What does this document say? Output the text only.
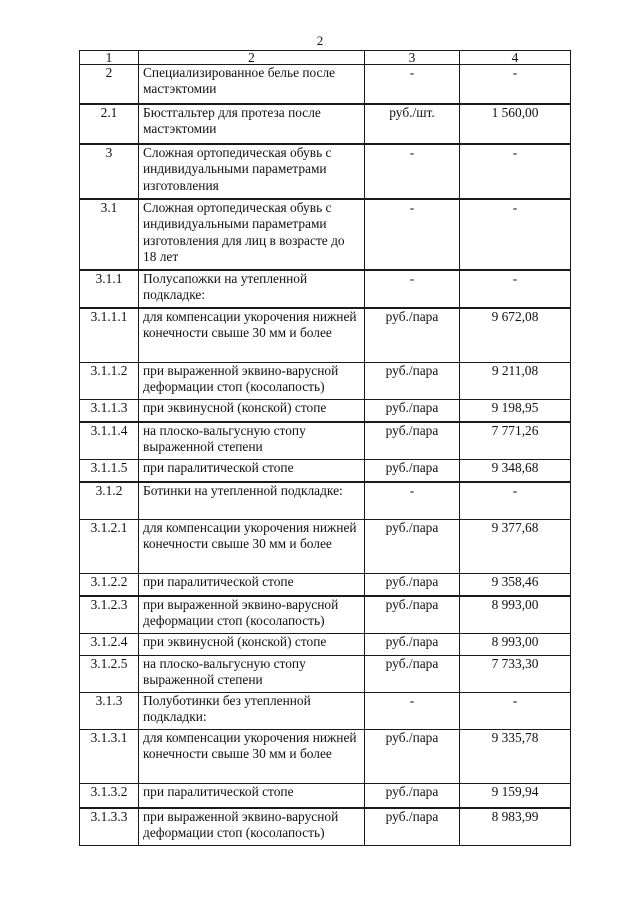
2
1	2	3	4
2	Специализированное белье после мастэктомии	-	-
2.1	Бюстгальтер для протеза после мастэктомии	руб./шт.	1 560,00
3	Сложная ортопедическая обувь с индивидуальными параметрами изготовления	-	-
3.1	Сложная ортопедическая обувь с индивидуальными параметрами изготовления для лиц в возрасте до 18 лет	-	-
3.1.1	Полусапожки на утепленной подкладке:	-	-
3.1.1.1	для компенсации укорочения нижней конечности свыше 30 мм и более	руб./пара	9 672,08
3.1.1.2	при выраженной эквино-варусной деформации стоп (косолапость)	руб./пара	9 211,08
3.1.1.3	при эквинусной (конской) стопе	руб./пара	9 198,95
3.1.1.4	на плоско-вальгусную стопу выраженной степени	руб./пара	7 771,26
3.1.1.5	при паралитической стопе	руб./пара	9 348,68
3.1.2	Ботинки на утепленной подкладке:	-	-
3.1.2.1	для компенсации укорочения нижней конечности свыше 30 мм и более	руб./пара	9 377,68
3.1.2.2	при паралитической стопе	руб./пара	9 358,46
3.1.2.3	при выраженной эквино-варусной деформации стоп (косолапость)	руб./пара	8 993,00
3.1.2.4	при эквинусной (конской) стопе	руб./пара	8 993,00
3.1.2.5	на плоско-вальгусную стопу выраженной степени	руб./пара	7 733,30
3.1.3	Полуботинки без утепленной подкладки:	-	-
3.1.3.1	для компенсации укорочения нижней конечности свыше 30 мм и более	руб./пара	9 335,78
3.1.3.2	при паралитической стопе	руб./пара	9 159,94
3.1.3.3	при выраженной эквино-варусной деформации стоп (косолапость)	руб./пара	8 983,99
